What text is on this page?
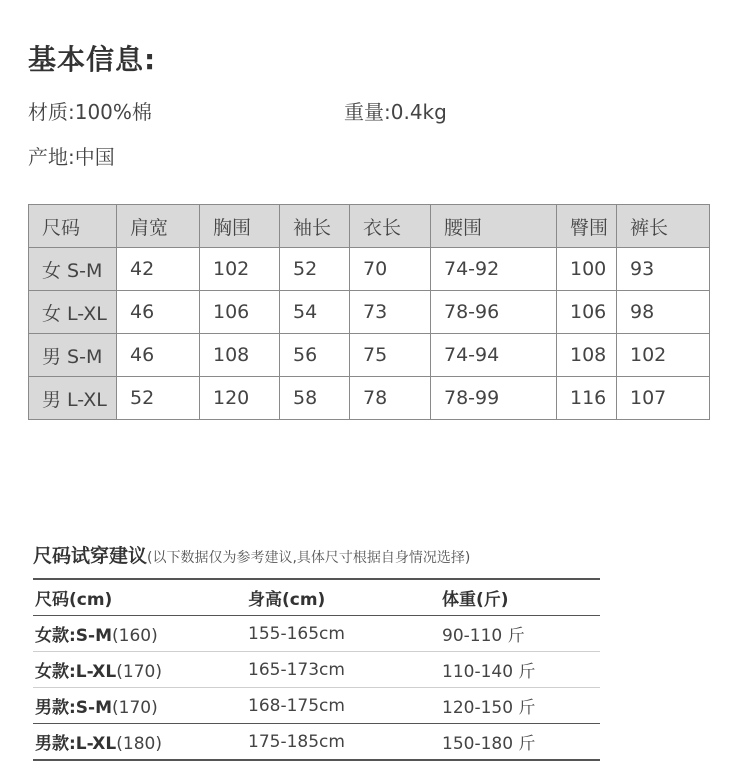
基本信息:
材质:100%棉	重量:0.4kg
产地:中国
尺码	肩宽	胸围	袖长	衣长	腰围	臀围	裤长
女 S-M	42	102	52	70	74-92	100	93
女 L-XL	46	106	54	73	78-96	106	98
男 S-M	46	108	56	75	74-94	108	102
男 L-XL	52	120	58	78	78-99	116	107
尺码试穿建议(以下数据仅为参考建议,具体尺寸根据自身情况选择)
尺码(cm)	身高(cm)	体重(斤)
女款:S-M(160)	155-165cm	90-110 斤
女款:L-XL(170)	165-173cm	110-140 斤
男款:S-M(170)	168-175cm	120-150 斤
男款:L-XL(180)	175-185cm	150-180 斤
